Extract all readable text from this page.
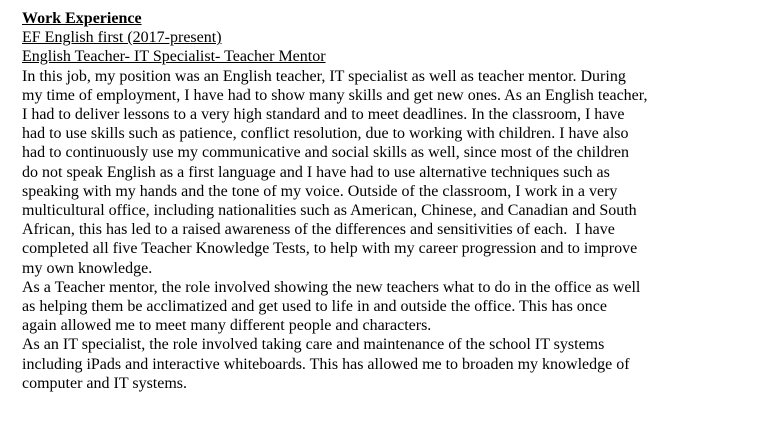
Work Experience
EF English first (2017-present)
English Teacher- IT Specialist- Teacher Mentor
In this job, my position was an English teacher, IT specialist as well as teacher mentor. During
my time of employment, I have had to show many skills and get new ones. As an English teacher,
I had to deliver lessons to a very high standard and to meet deadlines. In the classroom, I have
had to use skills such as patience, conflict resolution, due to working with children. I have also
had to continuously use my communicative and social skills as well, since most of the children
do not speak English as a first language and I have had to use alternative techniques such as
speaking with my hands and the tone of my voice. Outside of the classroom, I work in a very
multicultural office, including nationalities such as American, Chinese, and Canadian and South
African, this has led to a raised awareness of the differences and sensitivities of each.  I have
completed all five Teacher Knowledge Tests, to help with my career progression and to improve
my own knowledge.
As a Teacher mentor, the role involved showing the new teachers what to do in the office as well
as helping them be acclimatized and get used to life in and outside the office. This has once
again allowed me to meet many different people and characters.
As an IT specialist, the role involved taking care and maintenance of the school IT systems
including iPads and interactive whiteboards. This has allowed me to broaden my knowledge of
computer and IT systems.
